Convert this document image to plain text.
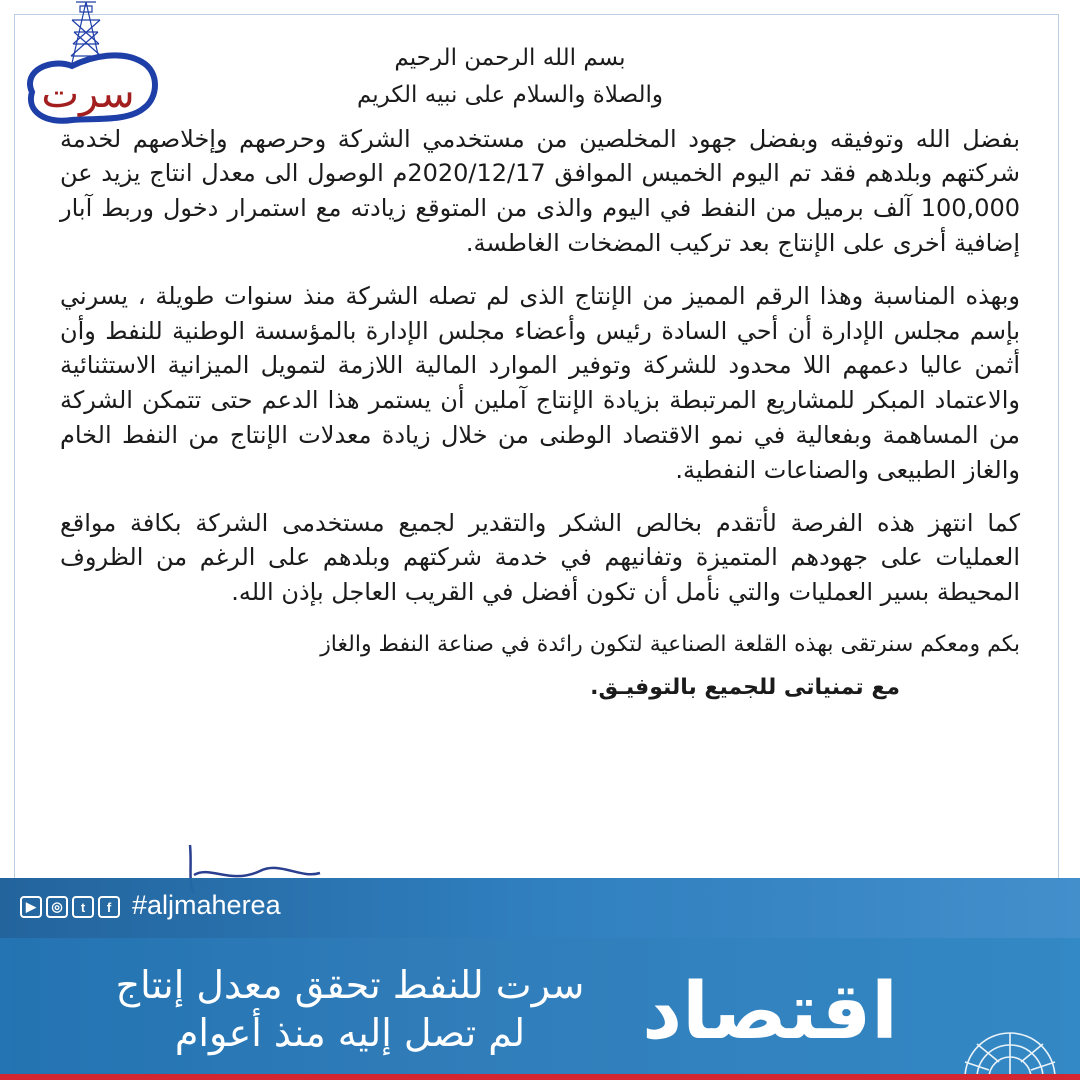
سرت

بسم الله الرحمن الرحيم

والصلاة والسلام على نبيه الكريم

بفضل الله وتوفيقه وبفضل جهود المخلصين من مستخدمي الشركة وحرصهم وإخلاصهم لخدمة شركتهم وبلدهم فقد تم اليوم الخميس الموافق 2020/12/17م الوصول الى معدل انتاج يزيد عن 100,000 آلف برميل من النفط في اليوم والذى من المتوقع زيادته مع استمرار دخول وربط آبار إضافية أخرى على الإنتاج بعد تركيب المضخات الغاطسة.

وبهذه المناسبة وهذا الرقم المميز من الإنتاج الذى لم تصله الشركة منذ سنوات طويلة ، يسرني بإسم مجلس الإدارة أن أحي السادة رئيس وأعضاء مجلس الإدارة بالمؤسسة الوطنية للنفط وأن أثمن عاليا دعمهم اللا محدود للشركة وتوفير الموارد المالية اللازمة لتمويل الميزانية الاستثنائية والاعتماد المبكر للمشاريع المرتبطة بزيادة الإنتاج آملين أن يستمر هذا الدعم حتى تتمكن الشركة من المساهمة وبفعالية في نمو الاقتصاد الوطنى من خلال زيادة معدلات الإنتاج من النفط الخام والغاز الطبيعى والصناعات النفطية.

كما انتهز هذه الفرصة لأتقدم بخالص الشكر والتقدير لجميع مستخدمى الشركة بكافة مواقع العمليات على جهودهم المتميزة وتفانيهم في خدمة شركتهم وبلدهم على الرغم من الظروف المحيطة بسير العمليات والتي نأمل أن تكون أفضل في القريب العاجل بإذن الله.

بكم ومعكم سنرتقى بهذه القلعة الصناعية لتكون رائدة في صناعة النفط والغاز

مع تمنياتى للجميع بالتوفيـق.

▶	◎	t	f #aljmaherea
سرت للنفط تحقق معدل إنتاج
لم تصل إليه منذ أعوام	اقتصاد
